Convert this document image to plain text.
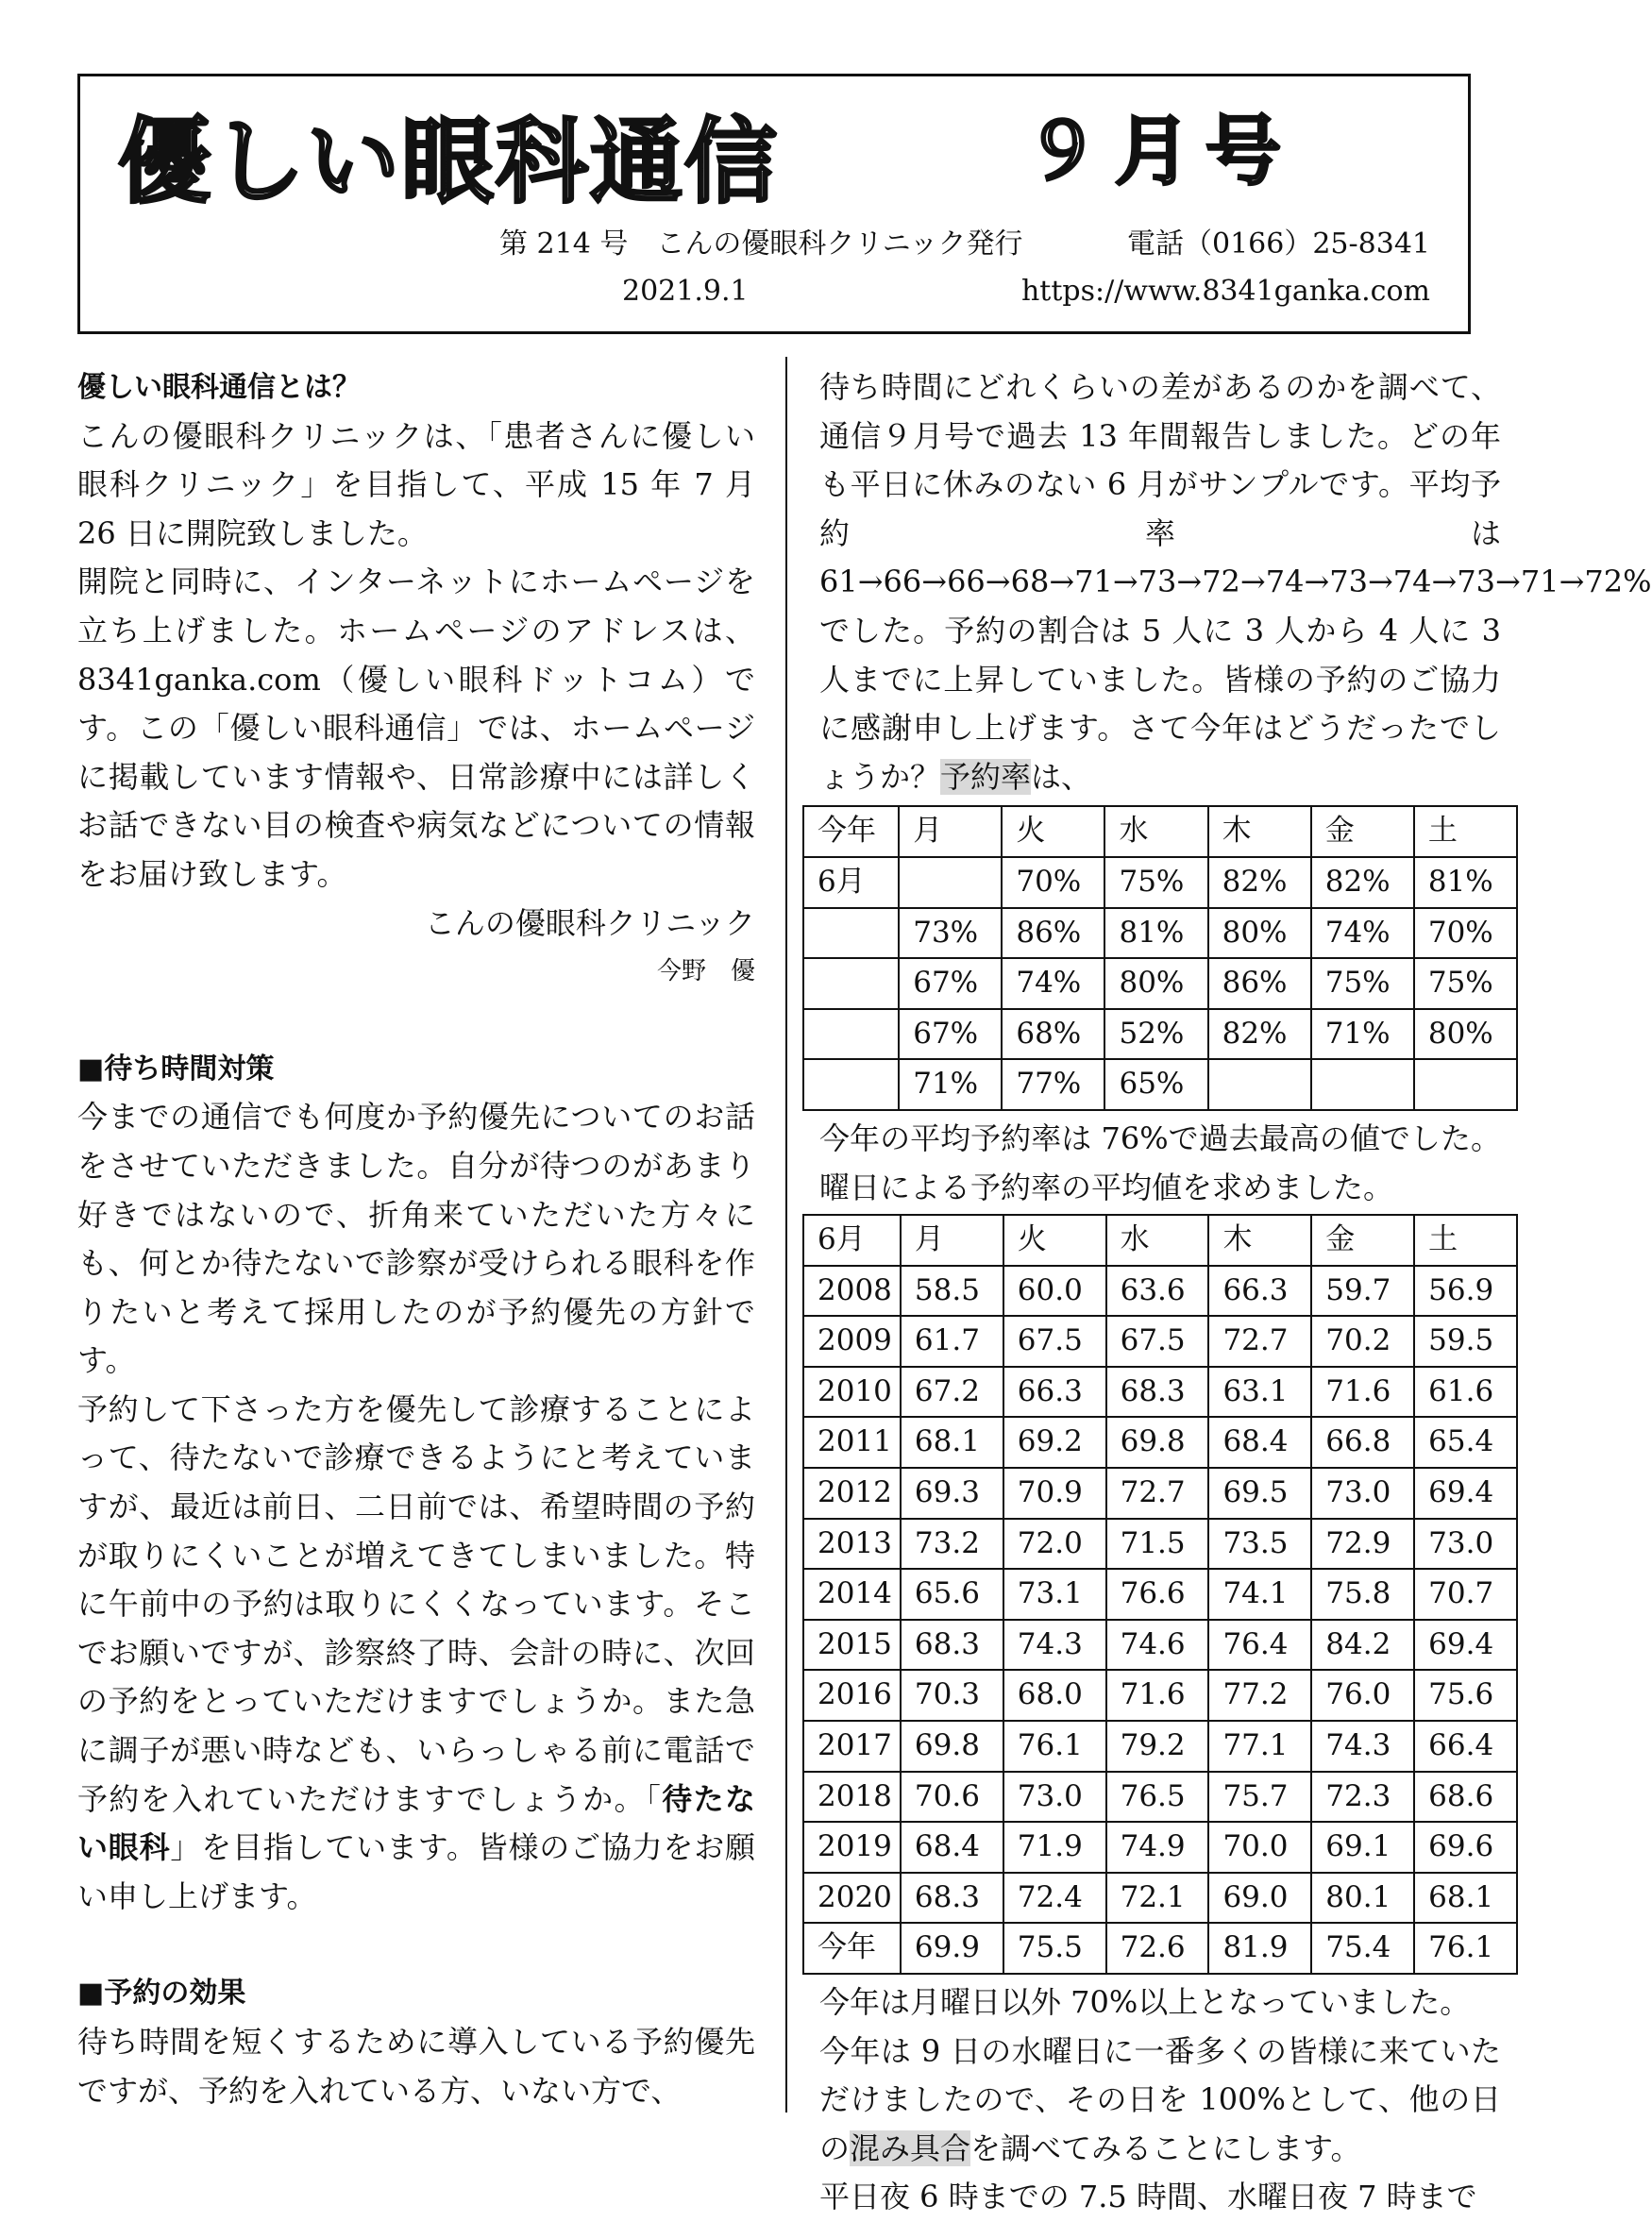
優しい眼科通信	９月号
第 214 号　こんの優眼科クリニック発行	電話（0166）25-8341
2021.9.1	https://www.8341ganka.com

優しい眼科通信とは？

こんの優眼科クリニックは、「患者さんに優しい眼科クリニック」を目指して、平成 15 年 7 月 26 日に開院致しました。

開院と同時に、インターネットにホームページを立ち上げました。ホームページのアドレスは、8341ganka.com（優しい眼科ドットコム）です。この「優しい眼科通信」では、ホームページに掲載しています情報や、日常診療中には詳しくお話できない目の検査や病気などについての情報をお届け致します。

こんの優眼科クリニック

今野　優

■待ち時間対策

今までの通信でも何度か予約優先についてのお話をさせていただきました。自分が待つのがあまり好きではないので、折角来ていただいた方々にも、何とか待たないで診察が受けられる眼科を作りたいと考えて採用したのが予約優先の方針です。

予約して下さった方を優先して診療することによって、待たないで診療できるようにと考えていますが、最近は前日、二日前では、希望時間の予約が取りにくいことが増えてきてしまいました。特に午前中の予約は取りにくくなっています。そこでお願いですが、診察終了時、会計の時に、次回の予約をとっていただけますでしょうか。また急に調子が悪い時なども、いらっしゃる前に電話で予約を入れていただけますでしょうか。「待たない眼科」を目指しています。皆様のご協力をお願い申し上げます。

■予約の効果

待ち時間を短くするために導入している予約優先ですが、予約を入れている方、いない方で、

待ち時間にどれくらいの差があるのかを調べて、通信９月号で過去 13 年間報告しました。どの年も平日に休みのない 6 月がサンプルです。平均予約率は 61→66→66→68→71→73→72→74→73→74→73→71→72%でした。予約の割合は 5 人に 3 人から 4 人に 3 人までに上昇していました。皆様の予約のご協力に感謝申し上げます。さて今年はどうだったでしょうか？予約率は、

今年	月	火	水	木	金	土
6月		70%	75%	82%	82%	81%
	73%	86%	81%	80%	74%	70%
	67%	74%	80%	86%	75%	75%
	67%	68%	52%	82%	71%	80%
	71%	77%	65%			

今年の平均予約率は 76%で過去最高の値でした。曜日による予約率の平均値を求めました。

6月	月	火	水	木	金	土
2008	58.5	60.0	63.6	66.3	59.7	56.9
2009	61.7	67.5	67.5	72.7	70.2	59.5
2010	67.2	66.3	68.3	63.1	71.6	61.6
2011	68.1	69.2	69.8	68.4	66.8	65.4
2012	69.3	70.9	72.7	69.5	73.0	69.4
2013	73.2	72.0	71.5	73.5	72.9	73.0
2014	65.6	73.1	76.6	74.1	75.8	70.7
2015	68.3	74.3	74.6	76.4	84.2	69.4
2016	70.3	68.0	71.6	77.2	76.0	75.6
2017	69.8	76.1	79.2	77.1	74.3	66.4
2018	70.6	73.0	76.5	75.7	72.3	68.6
2019	68.4	71.9	74.9	70.0	69.1	69.6
2020	68.3	72.4	72.1	69.0	80.1	68.1
今年	69.9	75.5	72.6	81.9	75.4	76.1

今年は月曜日以外 70%以上となっていました。

今年は 9 日の水曜日に一番多くの皆様に来ていただけましたので、その日を 100%として、他の日の混み具合を調べてみることにします。

平日夜 6 時までの 7.5 時間、水曜日夜 7 時まで
